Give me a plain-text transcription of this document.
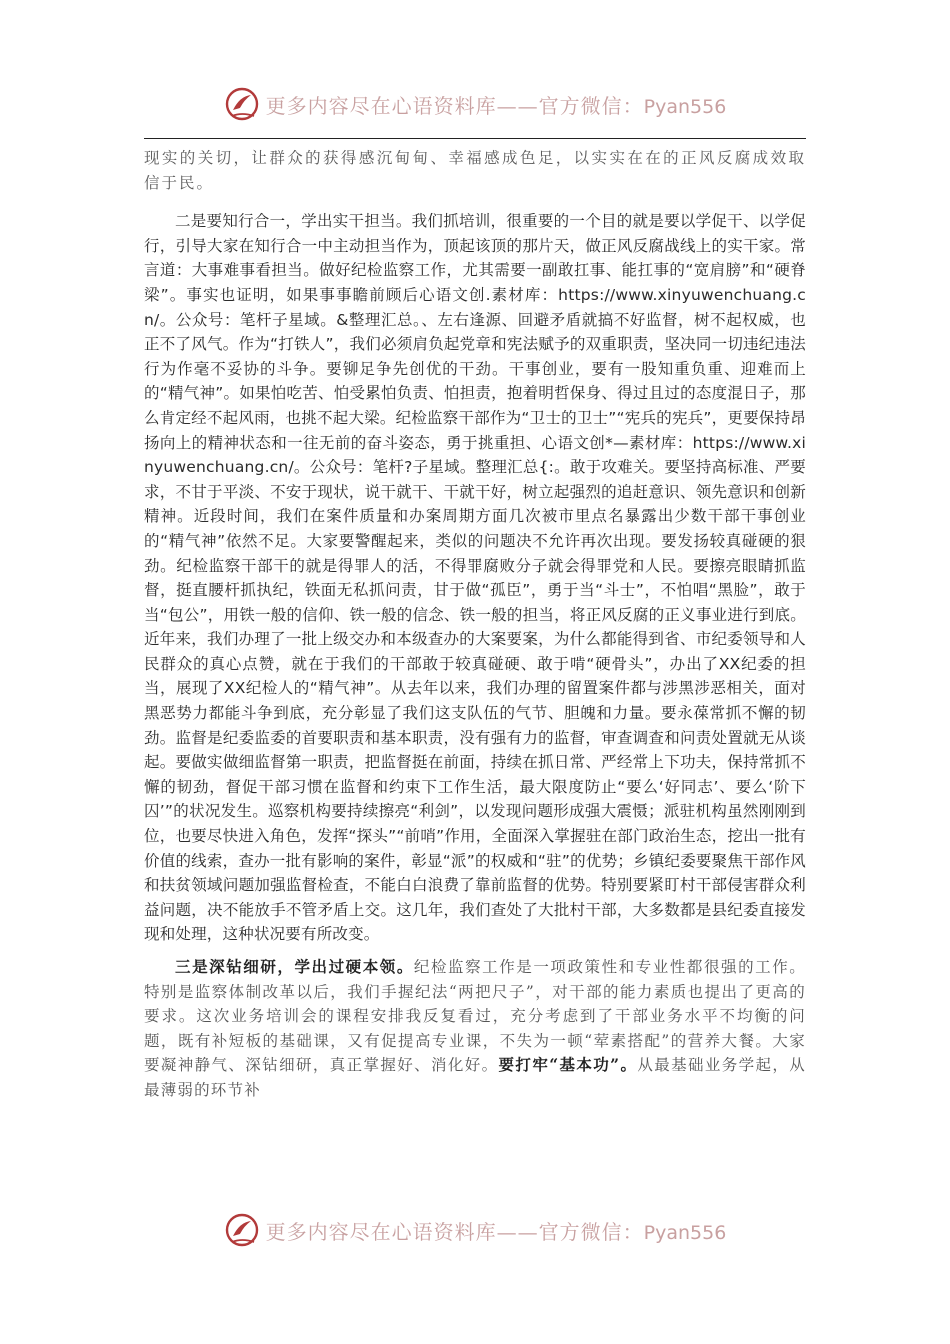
更多内容尽在心语资料库——官方微信：Pyan556

现实的关切，让群众的获得感沉甸甸、幸福感成色足，以实实在在的正风反腐成效取信于民。

二是要知行合一，学出实干担当。我们抓培训，很重要的一个目的就是要以学促干、以学促行，引导大家在知行合一中主动担当作为，顶起该顶的那片天，做正风反腐战线上的实干家。常言道：大事难事看担当。做好纪检监察工作，尤其需要一副敢扛事、能扛事的“宽肩膀”和“硬脊梁”。事实也证明，如果事事瞻前顾后心语文创.素材库：https://www.xinyuwenchuang.cn/。公众号：笔杆子星域。&整理汇总。、左右逢源、回避矛盾就搞不好监督，树不起权威，也正不了风气。作为“打铁人”，我们必须肩负起党章和宪法赋予的双重职责，坚决同一切违纪违法行为作毫不妥协的斗争。要铆足争先创优的干劲。干事创业，要有一股知重负重、迎难而上的“精气神”。如果怕吃苦、怕受累怕负责、怕担责，抱着明哲保身、得过且过的态度混日子，那么肯定经不起风雨，也挑不起大梁。纪检监察干部作为“卫士的卫士”“宪兵的宪兵”，更要保持昂扬向上的精神状态和一往无前的奋斗姿态，勇于挑重担、心语文创*—素材库：https://www.xinyuwenchuang.cn/。公众号：笔杆?子星域。整理汇总{:。敢于攻难关。要坚持高标准、严要求，不甘于平淡、不安于现状，说干就干、干就干好，树立起强烈的追赶意识、领先意识和创新精神。近段时间，我们在案件质量和办案周期方面几次被市里点名暴露出少数干部干事创业的“精气神”依然不足。大家要警醒起来，类似的问题决不允许再次出现。要发扬较真碰硬的狠劲。纪检监察干部干的就是得罪人的活，不得罪腐败分子就会得罪党和人民。要擦亮眼睛抓监督，挺直腰杆抓执纪，铁面无私抓问责，甘于做“孤臣”，勇于当“斗士”，不怕唱“黑脸”，敢于当“包公”，用铁一般的信仰、铁一般的信念、铁一般的担当，将正风反腐的正义事业进行到底。近年来，我们办理了一批上级交办和本级查办的大案要案，为什么都能得到省、市纪委领导和人民群众的真心点赞，就在于我们的干部敢于较真碰硬、敢于啃“硬骨头”，办出了XX纪委的担当，展现了XX纪检人的“精气神”。从去年以来，我们办理的留置案件都与涉黑涉恶相关，面对黑恶势力都能斗争到底，充分彰显了我们这支队伍的气节、胆魄和力量。要永葆常抓不懈的韧劲。监督是纪委监委的首要职责和基本职责，没有强有力的监督，审查调查和问责处置就无从谈起。要做实做细监督第一职责，把监督挺在前面，持续在抓日常、严经常上下功夫，保持常抓不懈的韧劲，督促干部习惯在监督和约束下工作生活，最大限度防止“要么‘好同志’、要么‘阶下囚’”的状况发生。巡察机构要持续擦亮“利剑”，以发现问题形成强大震慑；派驻机构虽然刚刚到位，也要尽快进入角色，发挥“探头”“前哨”作用，全面深入掌握驻在部门政治生态，挖出一批有价值的线索，查办一批有影响的案件，彰显“派”的权威和“驻”的优势；乡镇纪委要聚焦干部作风和扶贫领域问题加强监督检查，不能白白浪费了靠前监督的优势。特别要紧盯村干部侵害群众利益问题，决不能放手不管矛盾上交。这几年，我们查处了大批村干部，大多数都是县纪委直接发现和处理，这种状况要有所改变。

三是深钻细研，学出过硬本领。纪检监察工作是一项政策性和专业性都很强的工作。特别是监察体制改革以后，我们手握纪法“两把尺子”，对干部的能力素质也提出了更高的要求。这次业务培训会的课程安排我反复看过，充分考虑到了干部业务水平不均衡的问题，既有补短板的基础课，又有促提高专业课，不失为一顿“荤素搭配”的营养大餐。大家要凝神静气、深钻细研，真正掌握好、消化好。要打牢“基本功”。从最基础业务学起，从最薄弱的环节补

更多内容尽在心语资料库——官方微信：Pyan556
